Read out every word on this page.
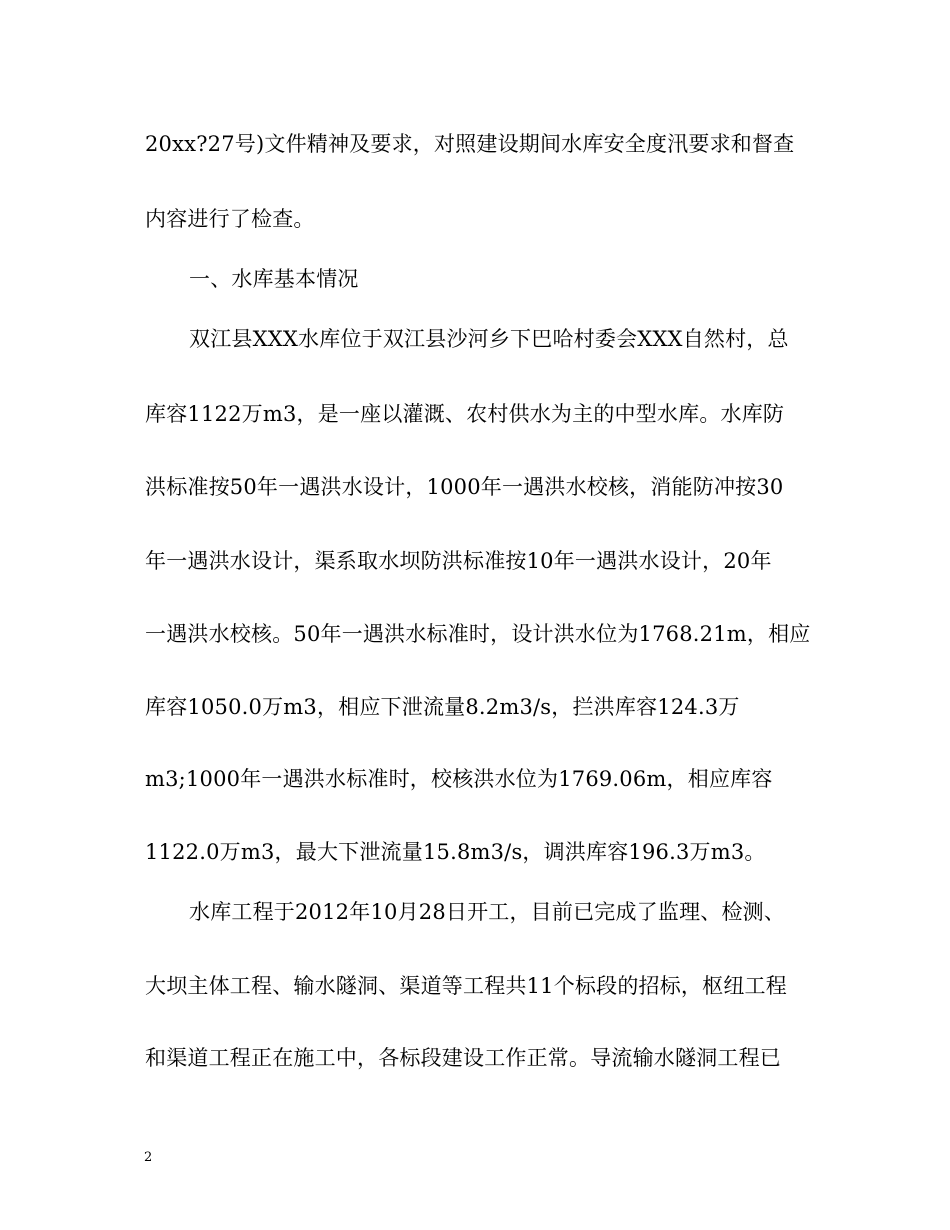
20xx?27号)文件精神及要求，对照建设期间水库安全度汛要求和督查
内容进行了检查。
一、水库基本情况
双江县XXX水库位于双江县沙河乡下巴哈村委会XXX自然村，总
库容1122万m3，是一座以灌溉、农村供水为主的中型水库。水库防
洪标准按50年一遇洪水设计，1000年一遇洪水校核，消能防冲按30
年一遇洪水设计，渠系取水坝防洪标准按10年一遇洪水设计，20年
一遇洪水校核。50年一遇洪水标准时，设计洪水位为1768.21m，相应
库容1050.0万m3，相应下泄流量8.2m3/s，拦洪库容124.3万
m3;1000年一遇洪水标准时，校核洪水位为1769.06m，相应库容
1122.0万m3，最大下泄流量15.8m3/s，调洪库容196.3万m3。
水库工程于2012年10月28日开工，目前已完成了监理、检测、
大坝主体工程、输水隧洞、渠道等工程共11个标段的招标，枢纽工程
和渠道工程正在施工中，各标段建设工作正常。导流输水隧洞工程已
2
